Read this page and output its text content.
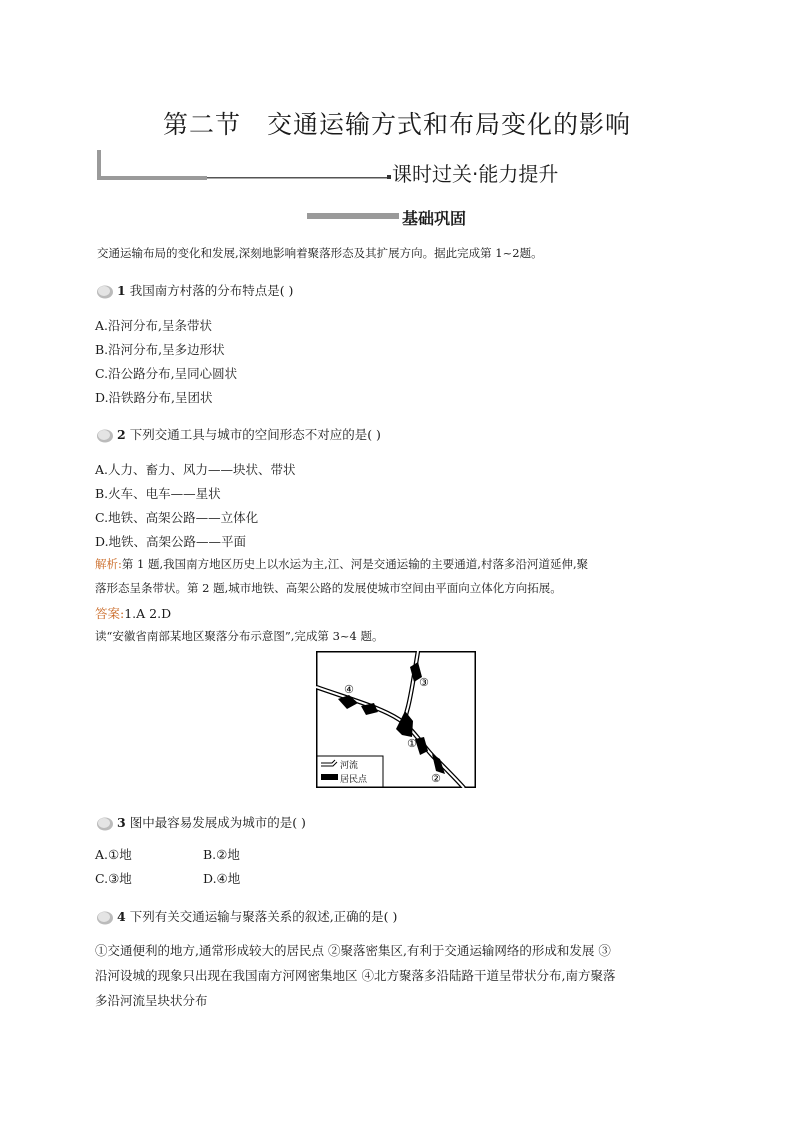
第二节 交通运输方式和布局变化的影响
课时过关·能力提升
基础巩固
交通运输布局的变化和发展,深刻地影响着聚落形态及其扩展方向。据此完成第 1~2题。
1 我国南方村落的分布特点是( )
A.沿河分布,呈条带状
B.沿河分布,呈多边形状
C.沿公路分布,呈同心圆状
D.沿铁路分布,呈团状
2 下列交通工具与城市的空间形态不对应的是( )
A.人力、畜力、风力——块状、带状
B.火车、电车——星状
C.地铁、高架公路——立体化
D.地铁、高架公路——平面
解析:第 1 题,我国南方地区历史上以水运为主,江、河是交通运输的主要通道,村落多沿河道延伸,聚
落形态呈条带状。第 2 题,城市地铁、高架公路的发展使城市空间由平面向立体化方向拓展。
答案:1.A 2.D
读“安徽省南部某地区聚落分布示意图”,完成第 3~4 题。
④
③
①
②
河流
居民点
3 图中最容易发展成为城市的是( )
A.①地	B.②地
C.③地	D.④地
4 下列有关交通运输与聚落关系的叙述,正确的是( )
①交通便利的地方,通常形成较大的居民点 ②聚落密集区,有利于交通运输网络的形成和发展 ③
沿河设城的现象只出现在我国南方河网密集地区 ④北方聚落多沿陆路干道呈带状分布,南方聚落
多沿河流呈块状分布
